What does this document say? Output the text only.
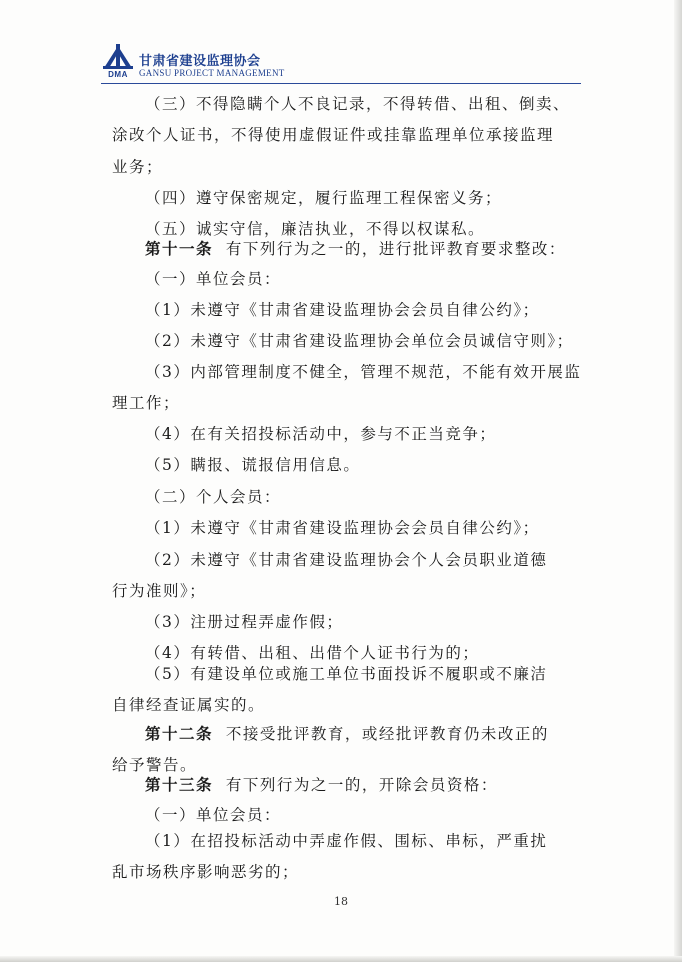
DMA
甘肃省建设监理协会
GANSU PROJECT MANAGEMENT

（三）不得隐瞒个人不良记录，不得转借、出租、倒卖、
涂改个人证书，不得使用虚假证件或挂靠监理单位承接监理
业务；

（四）遵守保密规定，履行监理工程保密义务；

（五）诚实守信，廉洁执业，不得以权谋私。

第十一条 有下列行为之一的，进行批评教育要求整改：

（一）单位会员：

（1）未遵守《甘肃省建设监理协会会员自律公约》；

（2）未遵守《甘肃省建设监理协会单位会员诚信守则》；

（3）内部管理制度不健全，管理不规范，不能有效开展监
理工作；

（4）在有关招投标活动中，参与不正当竞争；

（5）瞒报、谎报信用信息。

（二）个人会员：

（1）未遵守《甘肃省建设监理协会会员自律公约》；

（2）未遵守《甘肃省建设监理协会个人会员职业道德
行为准则》；

（3）注册过程弄虚作假；

（4）有转借、出租、出借个人证书行为的；

（5）有建设单位或施工单位书面投诉不履职或不廉洁
自律经查证属实的。

第十二条 不接受批评教育，或经批评教育仍未改正的
给予警告。

第十三条 有下列行为之一的，开除会员资格：

（一）单位会员：

（1）在招投标活动中弄虚作假、围标、串标，严重扰
乱市场秩序影响恶劣的；

18
